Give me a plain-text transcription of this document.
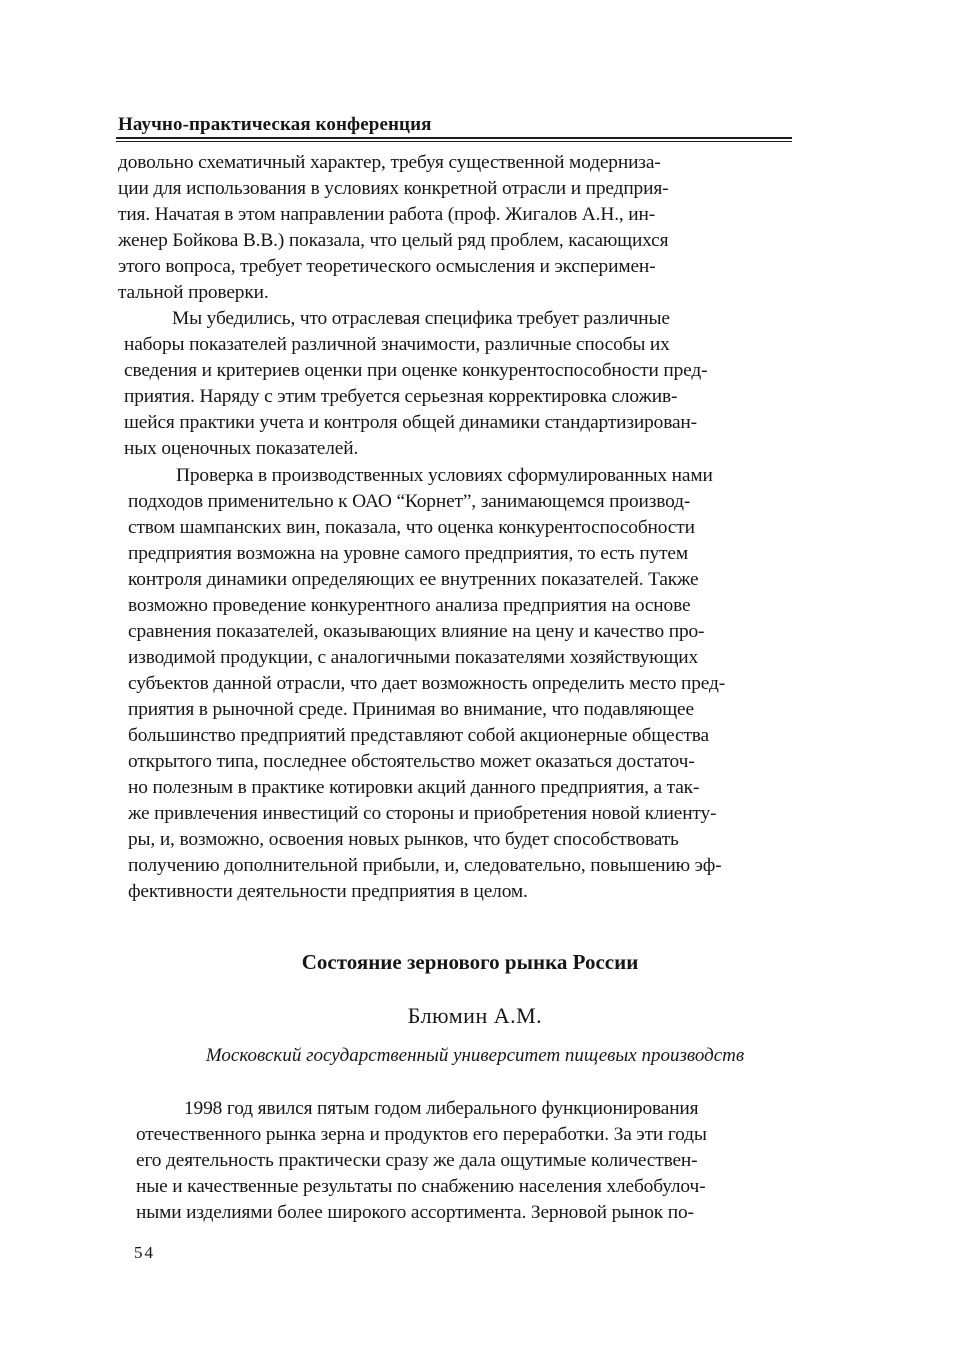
Научно-практическая конференция
довольно схематичный характер, требуя существенной модерниза-
ции для использования в условиях конкретной отрасли и предприя-
тия. Начатая в этом направлении работа (проф. Жигалов А.Н., ин-
женер Бойкова В.В.) показала, что целый ряд проблем, касающихся
этого вопроса, требует теоретического осмысления и эксперимен-
тальной проверки.
Мы убедились, что отраслевая специфика требует различные
наборы показателей различной значимости, различные способы их
сведения и критериев оценки при оценке конкурентоспособности пред-
приятия. Наряду с этим требуется серьезная корректировка сложив-
шейся практики учета и контроля общей динамики стандартизирован-
ных оценочных показателей.
Проверка в производственных условиях сформулированных нами
подходов применительно к ОАО “Корнет”, занимающемся производ-
ством шампанских вин, показала, что оценка конкурентоспособности
предприятия возможна на уровне самого предприятия, то есть путем
контроля динамики определяющих ее внутренних показателей. Также
возможно проведение конкурентного анализа предприятия на основе
сравнения показателей, оказывающих влияние на цену и качество про-
изводимой продукции, с аналогичными показателями хозяйствующих
субъектов данной отрасли, что дает возможность определить место пред-
приятия в рыночной среде. Принимая во внимание, что подавляющее
большинство предприятий представляют собой акционерные общества
открытого типа, последнее обстоятельство может оказаться достаточ-
но полезным в практике котировки акций данного предприятия, а так-
же привлечения инвестиций со стороны и приобретения новой клиенту-
ры, и, возможно, освоения новых рынков, что будет способствовать
получению дополнительной прибыли, и, следовательно, повышению эф-
фективности деятельности предприятия в целом.
Состояние зернового рынка России
Блюмин А.М.
Московский государственный университет пищевых производств
1998 год явился пятым годом либерального функционирования
отечественного рынка зерна и продуктов его переработки. За эти годы
его деятельность практически сразу же дала ощутимые количествен-
ные и качественные результаты по снабжению населения хлебобулоч-
ными изделиями более широкого ассортимента. Зерновой рынок по-
54
